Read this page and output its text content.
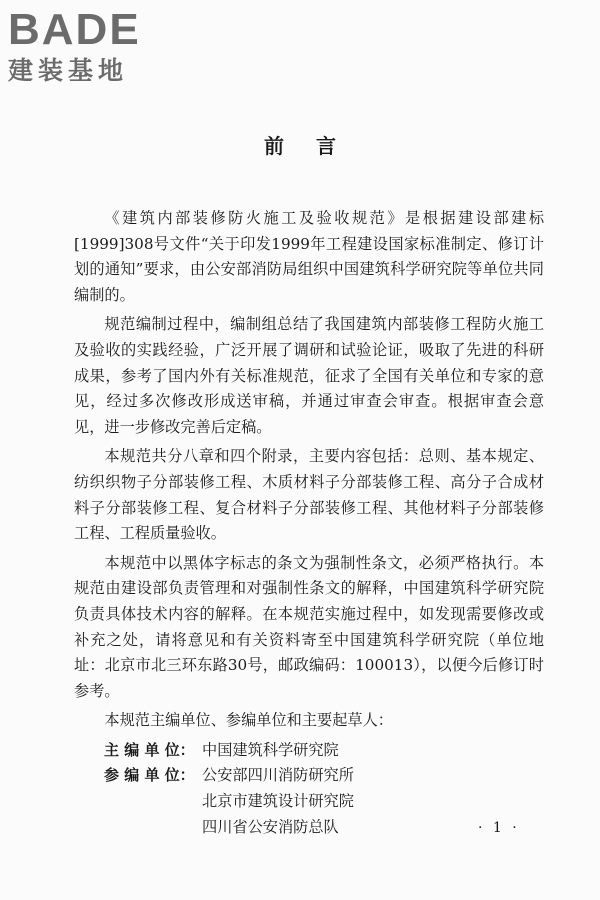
BADE
建装基地
前言

《建筑内部装修防火施工及验收规范》是根据建设部建标[1999]308号文件“关于印发1999年工程建设国家标准制定、修订计划的通知”要求，由公安部消防局组织中国建筑科学研究院等单位共同编制的。

规范编制过程中，编制组总结了我国建筑内部装修工程防火施工及验收的实践经验，广泛开展了调研和试验论证，吸取了先进的科研成果，参考了国内外有关标准规范，征求了全国有关单位和专家的意见，经过多次修改形成送审稿，并通过审查会审查。根据审查会意见，进一步修改完善后定稿。

本规范共分八章和四个附录，主要内容包括：总则、基本规定、纺织织物子分部装修工程、木质材料子分部装修工程、高分子合成材料子分部装修工程、复合材料子分部装修工程、其他材料子分部装修工程、工程质量验收。

本规范中以黑体字标志的条文为强制性条文，必须严格执行。本规范由建设部负责管理和对强制性条文的解释，中国建筑科学研究院负责具体技术内容的解释。在本规范实施过程中，如发现需要修改或补充之处，请将意见和有关资料寄至中国建筑科学研究院（单位地址：北京市北三环东路30号，邮政编码：100013），以便今后修订时参考。

本规范主编单位、参编单位和主要起草人：

主 编 单 位： 中国建筑科学研究院
参 编 单 位： 公安部四川消防研究所
北京市建筑设计研究院
四川省公安消防总队	· 1 ·
